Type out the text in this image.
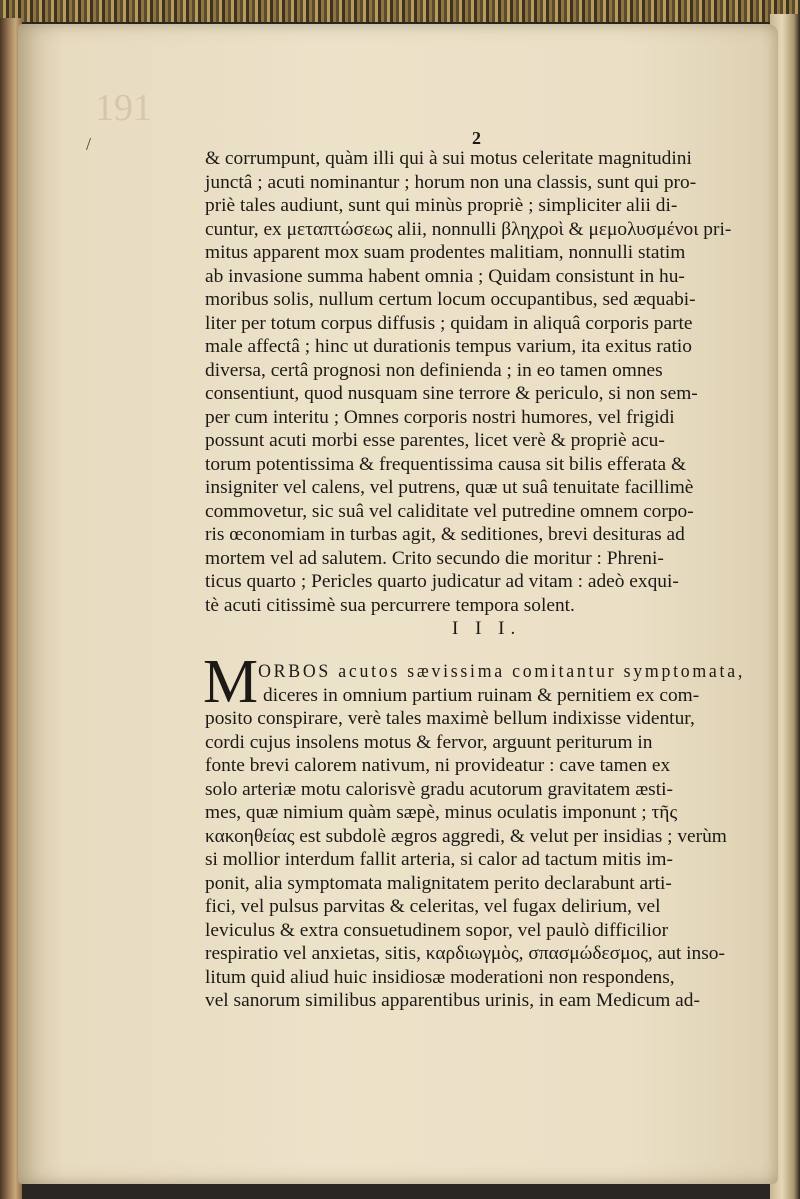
191
/	2
& corrumpunt, quàm illi qui à sui motus celeritate magnitudini
junctâ ; acuti nominantur ; horum non una classis, sunt qui pro-
priè tales audiunt, sunt qui minùs propriè ; simpliciter alii di-
cuntur, ex μεταπτώσεως alii, nonnulli βληχροὶ & μεμολυσμένοι pri-
mitus apparent mox suam prodentes malitiam, nonnulli statim
ab invasione summa habent omnia ; Quidam consistunt in hu-
moribus solis, nullum certum locum occupantibus, sed æquabi-
liter per totum corpus diffusis ; quidam in aliquâ corporis parte
male affectâ ; hinc ut durationis tempus varium, ita exitus ratio
diversa, certâ prognosi non definienda ; in eo tamen omnes
consentiunt, quod nusquam sine terrore & periculo, si non sem-
per cum interitu ; Omnes corporis nostri humores, vel frigidi
possunt acuti morbi esse parentes, licet verè & propriè acu-
torum potentissima & frequentissima causa sit bilis efferata &
insigniter vel calens, vel putrens, quæ ut suâ tenuitate facillimè
commovetur, sic suâ vel caliditate vel putredine omnem corpo-
ris œconomiam in turbas agit, & seditiones, brevi desituras ad
mortem vel ad salutem. Crito secundo die moritur : Phreni-
ticus quarto ; Pericles quarto judicatur ad vitam : adeò exqui-
tè acuti citissimè sua percurrere tempora solent.
I I I.
M ORBOS acutos sævissima comitantur symptomata,
diceres in omnium partium ruinam & pernitiem ex com-
posito conspirare, verè tales maximè bellum indixisse videntur,
cordi cujus insolens motus & fervor, arguunt periturum in
fonte brevi calorem nativum, ni provideatur : cave tamen ex
solo arteriæ motu calorisvè gradu acutorum gravitatem æsti-
mes, quæ nimium quàm sæpè, minus oculatis imponunt ; τῆς
κακοηθείας est subdolè ægros aggredi, & velut per insidias ; verùm
si mollior interdum fallit arteria, si calor ad tactum mitis im-
ponit, alia symptomata malignitatem perito declarabunt arti-
fici, vel pulsus parvitas & celeritas, vel fugax delirium, vel
leviculus & extra consuetudinem sopor, vel paulò difficilior
respiratio vel anxietas, sitis, καρδιωγμὸς, σπασμώδεσμος, aut inso-
litum quid aliud huic insidiosæ moderationi non respondens,
vel sanorum similibus apparentibus urinis, in eam Medicum ad-
